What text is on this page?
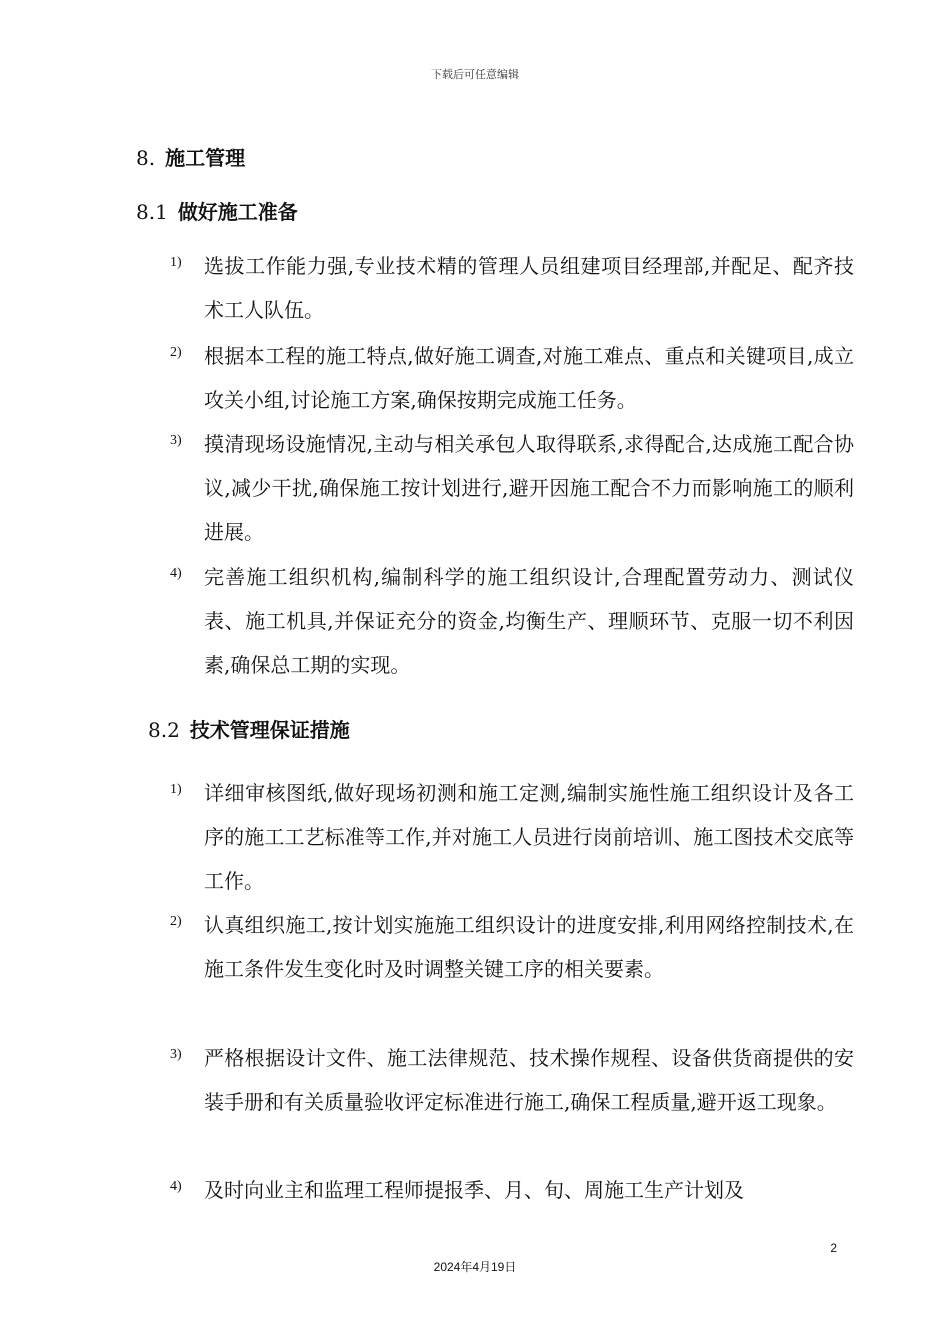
下载后可任意编辑
8. 施工管理
8.1 做好施工准备
1) 选拔工作能力强,专业技术精的管理人员组建项目经理部,并配足、配齐技术工人队伍。
2) 根据本工程的施工特点,做好施工调查,对施工难点、重点和关键项目,成立攻关小组,讨论施工方案,确保按期完成施工任务。
3) 摸清现场设施情况,主动与相关承包人取得联系,求得配合,达成施工配合协议,减少干扰,确保施工按计划进行,避开因施工配合不力而影响施工的顺利进展。
4) 完善施工组织机构,编制科学的施工组织设计,合理配置劳动力、测试仪表、施工机具,并保证充分的资金,均衡生产、理顺环节、克服一切不利因素,确保总工期的实现。
8.2 技术管理保证措施
1) 详细审核图纸,做好现场初测和施工定测,编制实施性施工组织设计及各工序的施工工艺标准等工作,并对施工人员进行岗前培训、施工图技术交底等工作。
2) 认真组织施工,按计划实施施工组织设计的进度安排,利用网络控制技术,在施工条件发生变化时及时调整关键工序的相关要素。
3) 严格根据设计文件、施工法律规范、技术操作规程、设备供货商提供的安装手册和有关质量验收评定标准进行施工,确保工程质量,避开返工现象。
4) 及时向业主和监理工程师提报季、月、旬、周施工生产计划及
2
2024年4月19日
